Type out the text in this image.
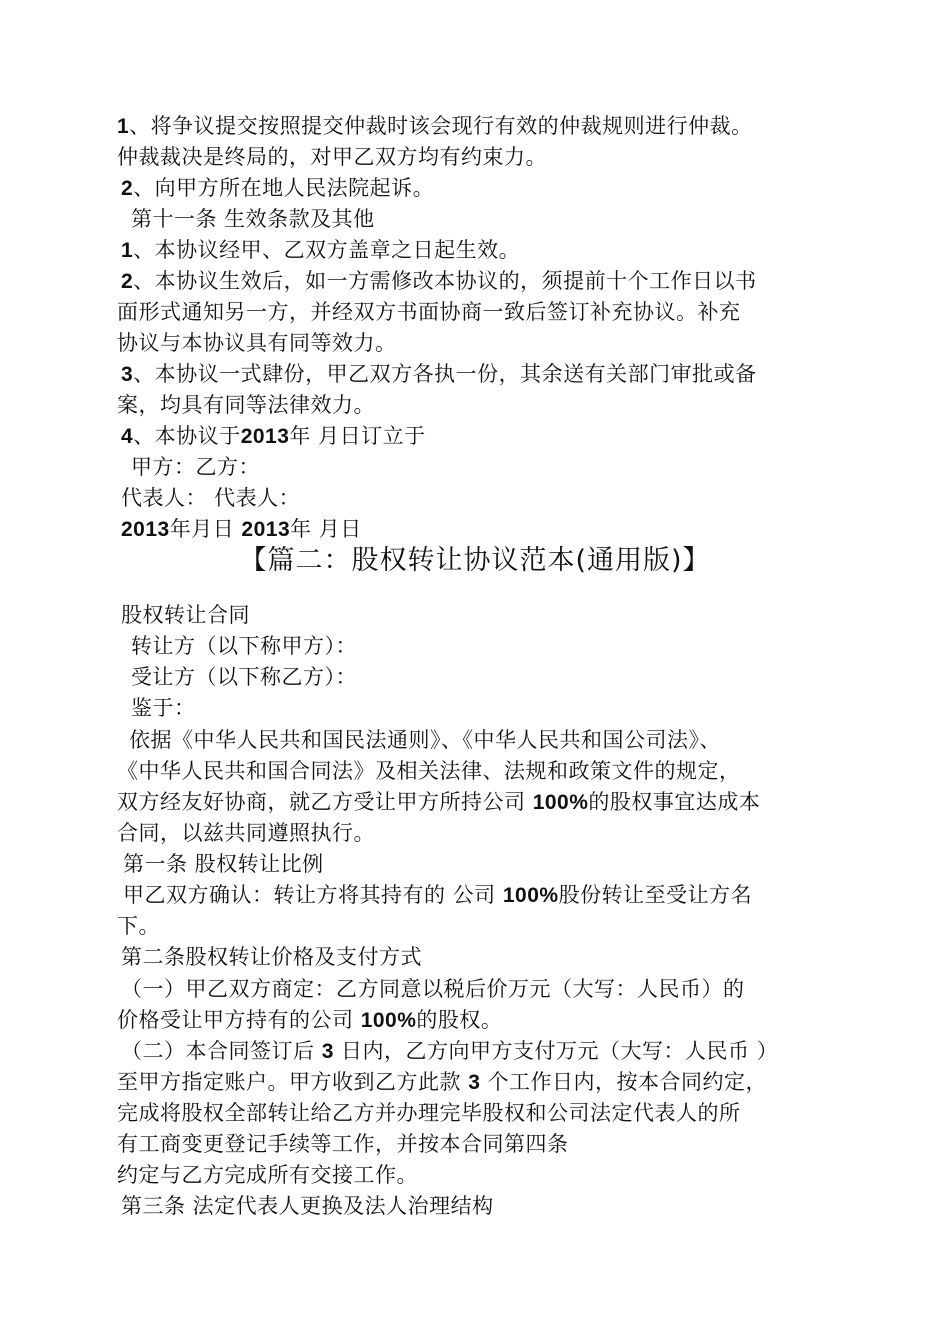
1、将争议提交按照提交仲裁时该会现行有效的仲裁规则进行仲裁。
仲裁裁决是终局的，对甲乙双方均有约束力。
2、向甲方所在地人民法院起诉。
第十一条 生效条款及其他
1、本协议经甲、乙双方盖章之日起生效。
2、本协议生效后，如一方需修改本协议的，须提前十个工作日以书
面形式通知另一方，并经双方书面协商一致后签订补充协议。补充
协议与本协议具有同等效力。
3、本协议一式肆份，甲乙双方各执一份，其余送有关部门审批或备
案，均具有同等法律效力。
4、本协议于2013年 月日订立于
甲方：乙方：
代表人： 代表人：
2013年月日 2013年 月日
【篇二：股权转让协议范本(通用版)】
股权转让合同
转让方（以下称甲方）：
受让方（以下称乙方）：
鉴于：
依据《中华人民共和国民法通则》、《中华人民共和国公司法》、
《中华人民共和国合同法》及相关法律、法规和政策文件的规定，
双方经友好协商，就乙方受让甲方所持公司 100%的股权事宜达成本
合同，以兹共同遵照执行。
第一条 股权转让比例
甲乙双方确认：转让方将其持有的 公司 100%股份转让至受让方名
下。
第二条股权转让价格及支付方式
（一）甲乙双方商定：乙方同意以税后价万元（大写：人民币）的
价格受让甲方持有的公司 100%的股权。
（二）本合同签订后 3 日内，乙方向甲方支付万元（大写：人民币 ）
至甲方指定账户。甲方收到乙方此款 3 个工作日内，按本合同约定，
完成将股权全部转让给乙方并办理完毕股权和公司法定代表人的所
有工商变更登记手续等工作，并按本合同第四条
约定与乙方完成所有交接工作。
第三条 法定代表人更换及法人治理结构
